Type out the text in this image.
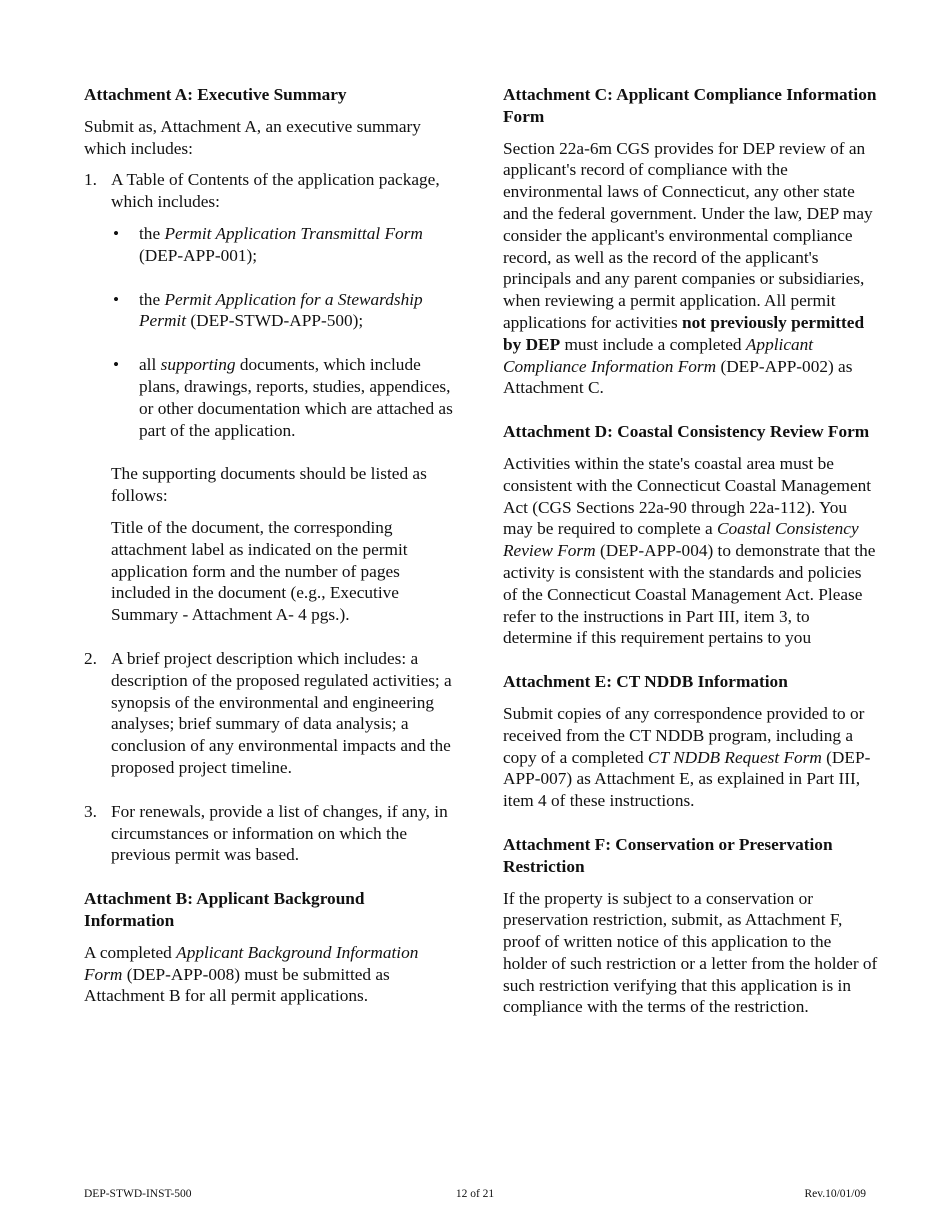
Attachment A: Executive Summary

Submit as, Attachment A, an executive summary which includes:

1. A Table of Contents of the application package, which includes:

• the Permit Application Transmittal Form (DEP-APP-001);
• the Permit Application for a Stewardship Permit (DEP-STWD-APP-500);
• all supporting documents, which include plans, drawings, reports, studies, appendices, or other documentation which are attached as part of the application.

The supporting documents should be listed as follows:

Title of the document, the corresponding attachment label as indicated on the permit application form and the number of pages included in the document (e.g., Executive Summary - Attachment A- 4 pgs.).

2. A brief project description which includes: a description of the proposed regulated activities; a synopsis of the environmental and engineering analyses; brief summary of data analysis; a conclusion of any environmental impacts and the proposed project timeline.
3. For renewals, provide a list of changes, if any, in circumstances or information on which the previous permit was based.
Attachment B: Applicant Background Information

A completed Applicant Background Information Form (DEP-APP-008) must be submitted as Attachment B for all permit applications.

Attachment C: Applicant Compliance Information Form

Section 22a-6m CGS provides for DEP review of an applicant's record of compliance with the environmental laws of Connecticut, any other state and the federal government. Under the law, DEP may consider the applicant's environmental compliance record, as well as the record of the applicant's principals and any parent companies or subsidiaries, when reviewing a permit application. All permit applications for activities not previously permitted by DEP must include a completed Applicant Compliance Information Form (DEP-APP-002) as Attachment C.

Attachment D: Coastal Consistency Review Form

Activities within the state's coastal area must be consistent with the Connecticut Coastal Management Act (CGS Sections 22a-90 through 22a-112). You may be required to complete a Coastal Consistency Review Form (DEP-APP-004) to demonstrate that the activity is consistent with the standards and policies of the Connecticut Coastal Management Act. Please refer to the instructions in Part III, item 3, to determine if this requirement pertains to you

Attachment E: CT NDDB Information

Submit copies of any correspondence provided to or received from the CT NDDB program, including a copy of a completed CT NDDB Request Form (DEP-APP-007) as Attachment E, as explained in Part III, item 4 of these instructions.

Attachment F: Conservation or Preservation Restriction

If the property is subject to a conservation or preservation restriction, submit, as Attachment F, proof of written notice of this application to the holder of such restriction or a letter from the holder of such restriction verifying that this application is in compliance with the terms of the restriction.

DEP-STWD-INST-500	12 of 21	Rev.10/01/09
